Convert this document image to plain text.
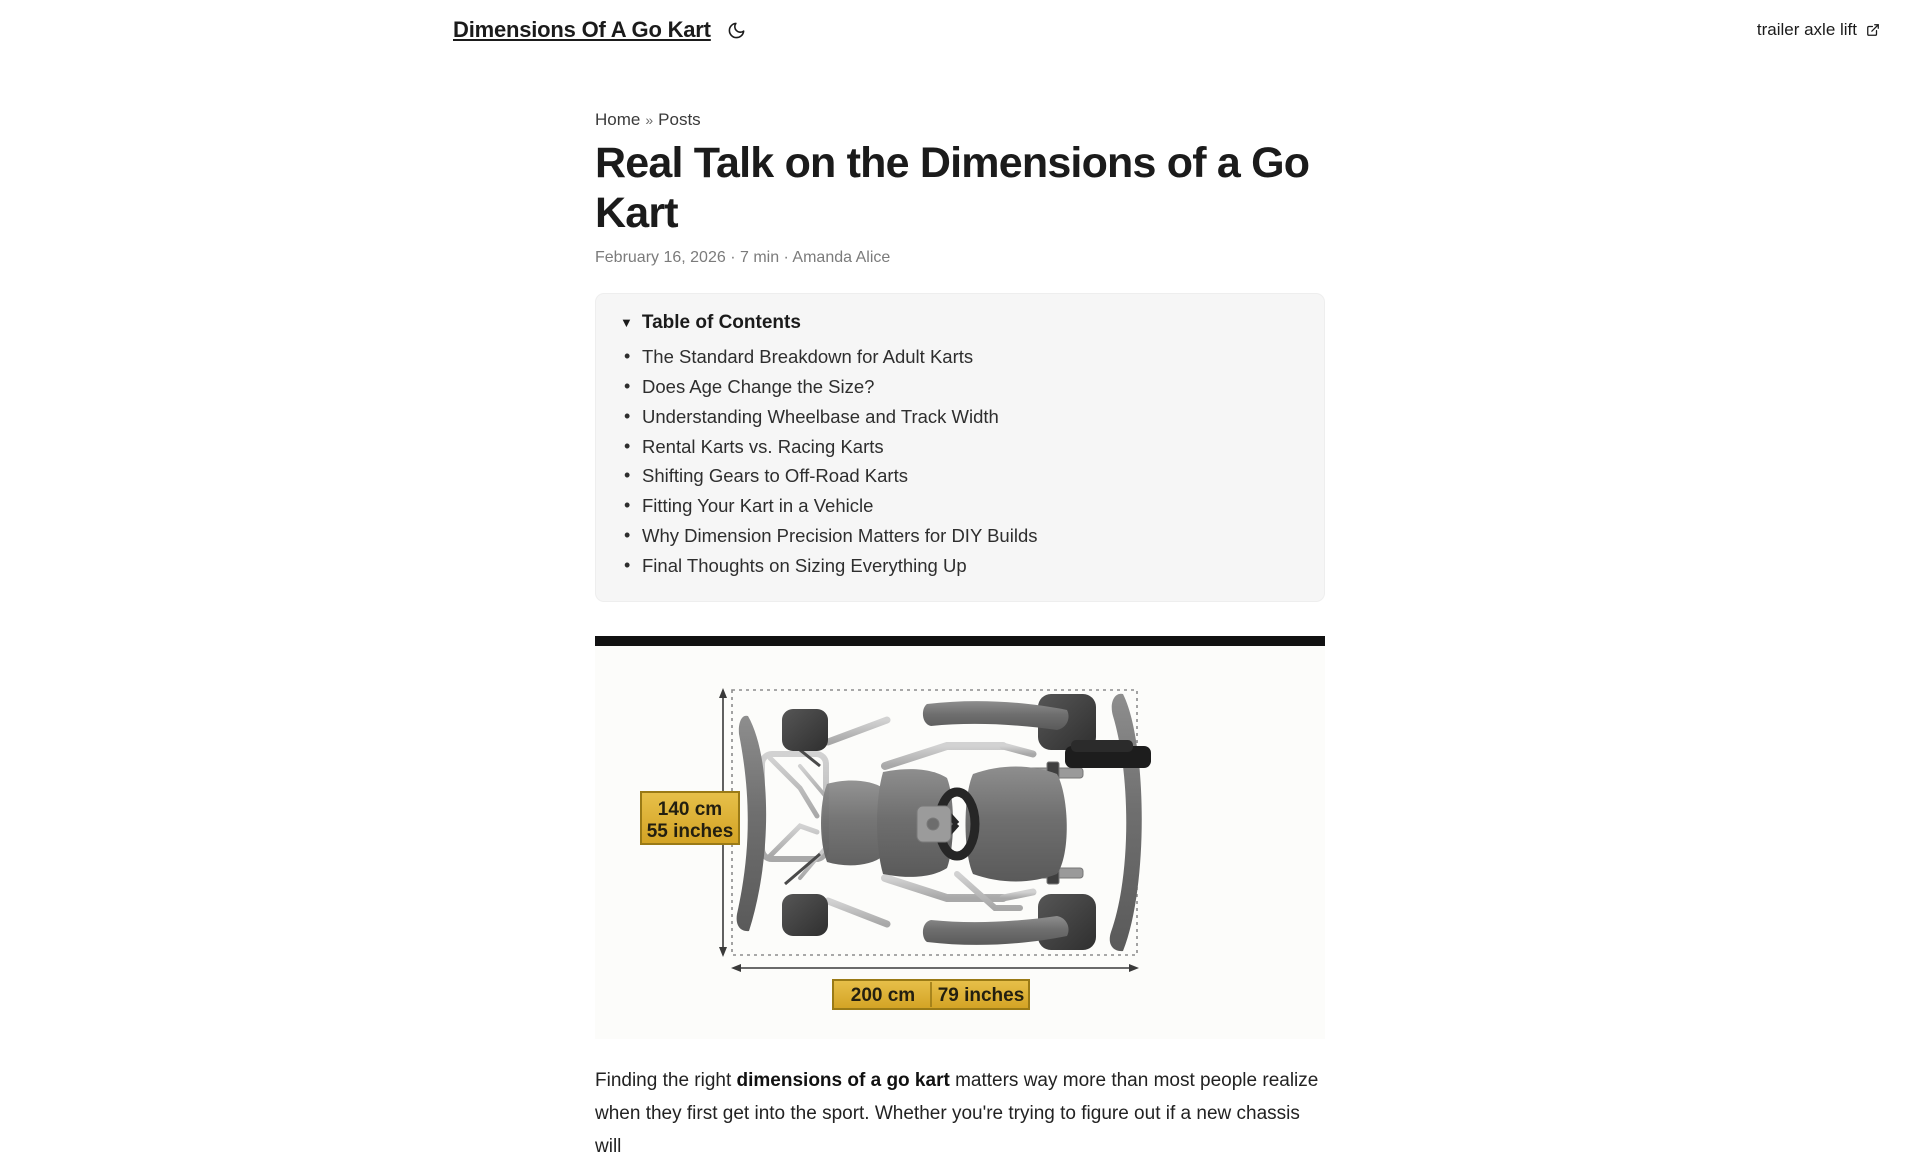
Dimensions Of A Go Kart	trailer axle lift
Home » Posts
Real Talk on the Dimensions of a Go Kart
February 16, 2026 · 7 min · Amanda Alice
▼ Table of Contents
• The Standard Breakdown for Adult Karts
• Does Age Change the Size?
• Understanding Wheelbase and Track Width
• Rental Karts vs. Racing Karts
• Shifting Gears to Off-Road Karts
• Fitting Your Kart in a Vehicle
• Why Dimension Precision Matters for DIY Builds
• Final Thoughts on Sizing Everything Up
140 cm
55 inches
200 cm 79 inches

Finding the right dimensions of a go kart matters way more than most people realize when they first get into the sport. Whether you're trying to figure out if a new chassis will
